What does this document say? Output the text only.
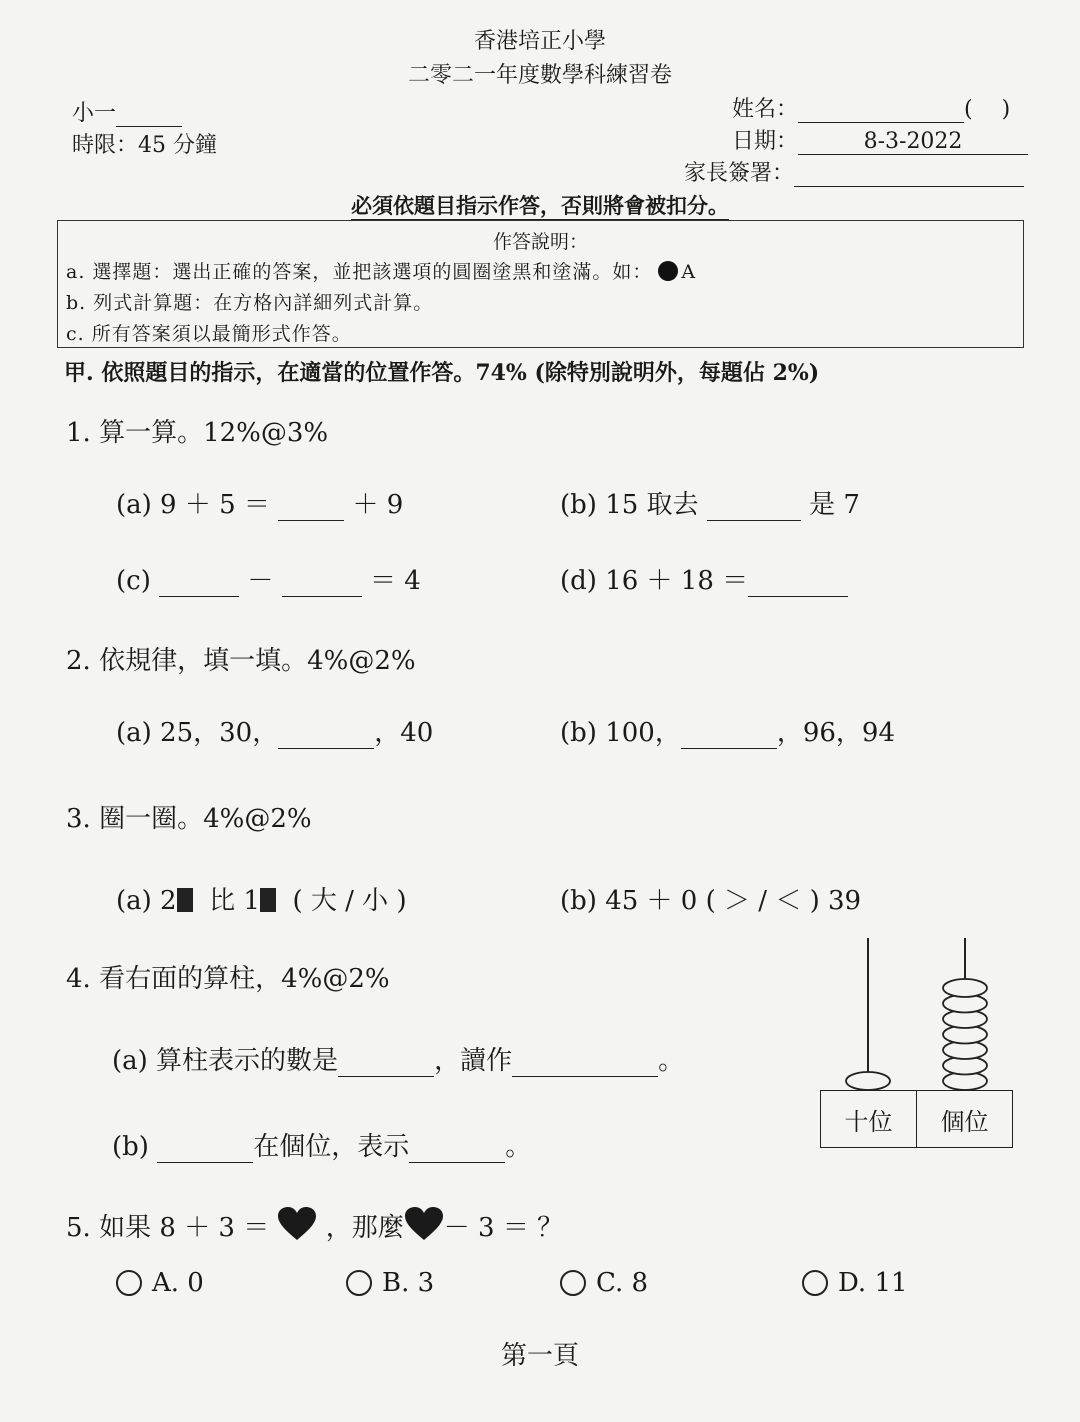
香港培正小學
二零二一年度數學科練習卷
小一
時限：45 分鐘
姓名：	(　 )
日期：	8-3-2022
家長簽署：
必須依題目指示作答，否則將會被扣分。
作答說明：
a. 選擇題：選出正確的答案，並把該選項的圓圈塗黑和塗滿。如： A
b. 列式計算題：在方格內詳細列式計算。
c. 所有答案須以最簡形式作答。
甲. 依照題目的指示，在適當的位置作答。74% (除特別說明外，每題佔 2%)
1. 算一算。12%@3%
(a) 9 ＋ 5 ＝	＋ 9	(b) 15 取去	是 7
(c)	－	＝ 4	(d) 16 ＋ 18 ＝
2. 依規律，填一填。4%@2%
(a) 25，30，	，40	(b) 100，	，96，94
3. 圈一圈。4%@2%
(a) 2 比 1 ( 大 / 小 )	(b) 45 ＋ 0 ( ＞ / ＜ ) 39
4. 看右面的算柱，4%@2%
(a) 算柱表示的數是	，讀作	。
(b)	在個位，表示	。
十位	個位
5. 如果 8 ＋ 3 ＝ ，那麼 － 3 ＝ ？
A. 0	B. 3	C. 8	D. 11
第一頁
